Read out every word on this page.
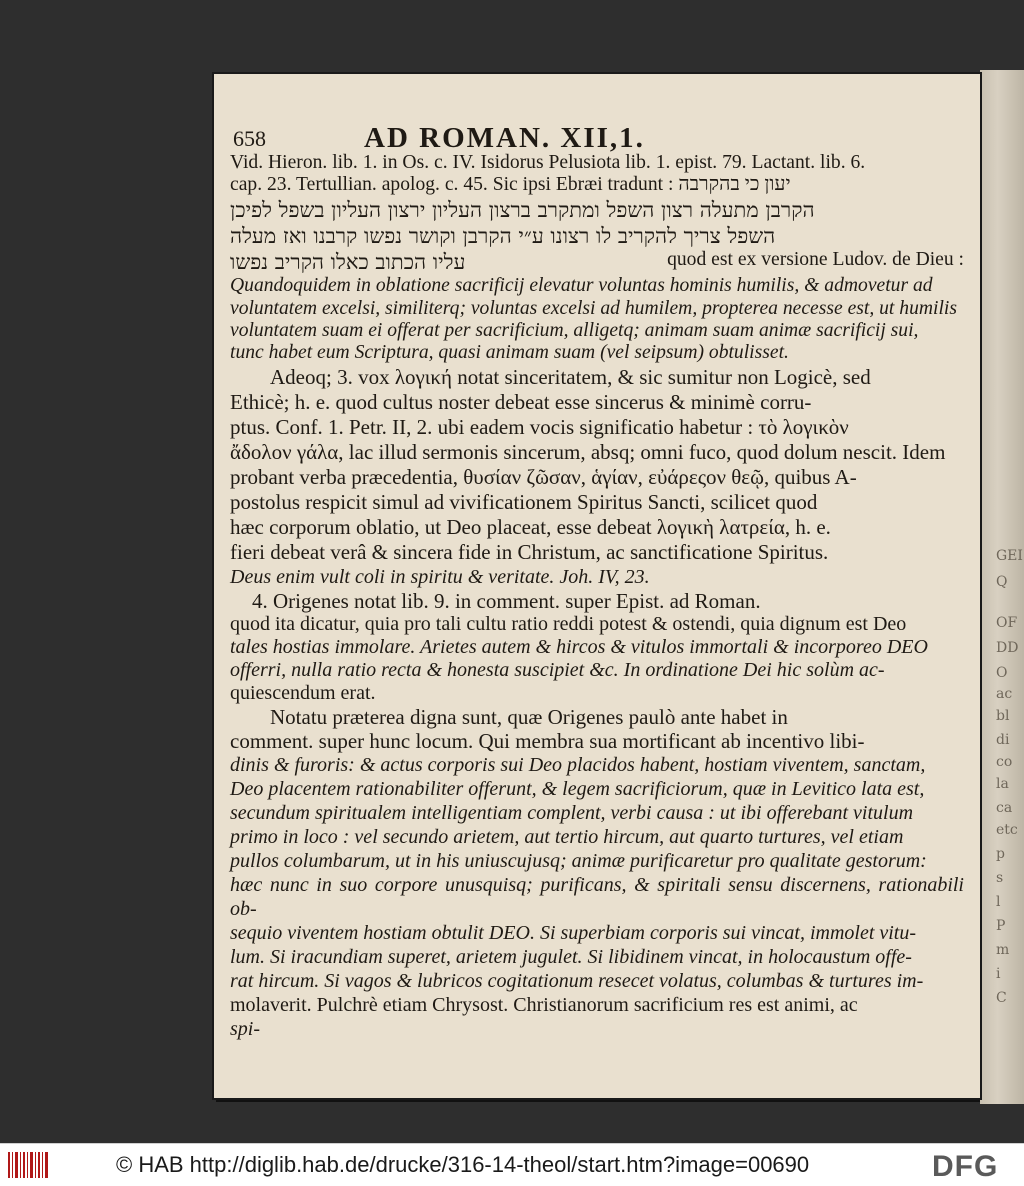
658	AD ROMAN. XII,1.

Vid. Hieron. lib. 1. in Os. c. IV. Isidorus Pelusiota lib. 1. epist. 79. Lactant. lib. 6.

cap. 23. Tertullian. apolog. c. 45. Sic ipsi Ebræi tradunt : יעון כי בהקרבה

הקרבן מתעלה רצון השפל ומתקרב ברצון העליון ירצון העליון בשפל לפיכן

השפל צריך להקריב לו רצונו ע״י הקרבן וקושר נפשו קרבנו ואז מעלה

quod est ex versione Ludov. de Dieu :
עליו הכתוב כאלו הקריב נפשו

Quandoquidem in oblatione sacrificij elevatur voluntas hominis humilis, & admovetur ad

voluntatem excelsi, similiterq; voluntas excelsi ad humilem, propterea necesse est, ut humilis

voluntatem suam ei offerat per sacrificium, alligetq; animam suam animæ sacrificij sui,

tunc habet eum Scriptura, quasi animam suam (vel seipsum) obtulisset.

Adeoq; 3. vox λογική notat sinceritatem, & sic sumitur non Logicè, sed

Ethicè; h. e. quod cultus noster debeat esse sincerus & minimè corru-

ptus. Conf. 1. Petr. II, 2. ubi eadem vocis significatio habetur : τὸ λογικὸν

ἄδολον γάλα, lac illud sermonis sincerum, absq; omni fuco, quod dolum nescit. Idem

probant verba præcedentia, θυσίαν ζῶσαν, ἁγίαν, εὐάρεςον θεῷ, quibus A-

postolus respicit simul ad vivificationem Spiritus Sancti, scilicet quod

hæc corporum oblatio, ut Deo placeat, esse debeat λογικὴ λατρεία, h. e.

fieri debeat verâ & sincera fide in Christum, ac sanctificatione Spiritus.

Deus enim vult coli in spiritu & veritate. Joh. IV, 23.

4. Origenes notat lib. 9. in comment. super Epist. ad Roman.

quod ita dicatur, quia pro tali cultu ratio reddi potest & ostendi, quia dignum est Deo

tales hostias immolare. Arietes autem & hircos & vitulos immortali & incorporeo DEO

offerri, nulla ratio recta & honesta suscipiet &c. In ordinatione Dei hic solùm ac-

quiescendum erat.

Notatu præterea digna sunt, quæ Origenes paulò ante habet in

comment. super hunc locum. Qui membra sua mortificant ab incentivo libi-

dinis & furoris: & actus corporis sui Deo placidos habent, hostiam viventem, sanctam,

Deo placentem rationabiliter offerunt, & legem sacrificiorum, quæ in Levitico lata est,

secundum spiritualem intelligentiam complent, verbi causa : ut ibi offerebant vitulum

primo in loco : vel secundo arietem, aut tertio hircum, aut quarto turtures, vel etiam

pullos columbarum, ut in his uniuscujusq; animæ purificaretur pro qualitate gestorum:

hæc nunc in suo corpore unusquisq; purificans, & spiritali sensu discernens, rationabili ob-

sequio viventem hostiam obtulit DEO. Si superbiam corporis sui vincat, immolet vitu-

lum. Si iracundiam superet, arietem jugulet. Si libidinem vincat, in holocaustum offe-

rat hircum. Si vagos & lubricos cogitationum resecet volatus, columbas & turtures im-

molaverit. Pulchrè etiam Chrysost. Christianorum sacrificium res est animi, ac

spi-

GEI
Q
OF
DD
O
ac
bl
di
co
la
ca
etc
p
s
l
P
m
i
C
© HAB http://diglib.hab.de/drucke/316-14-theol/start.htm?image=00690	DFG
